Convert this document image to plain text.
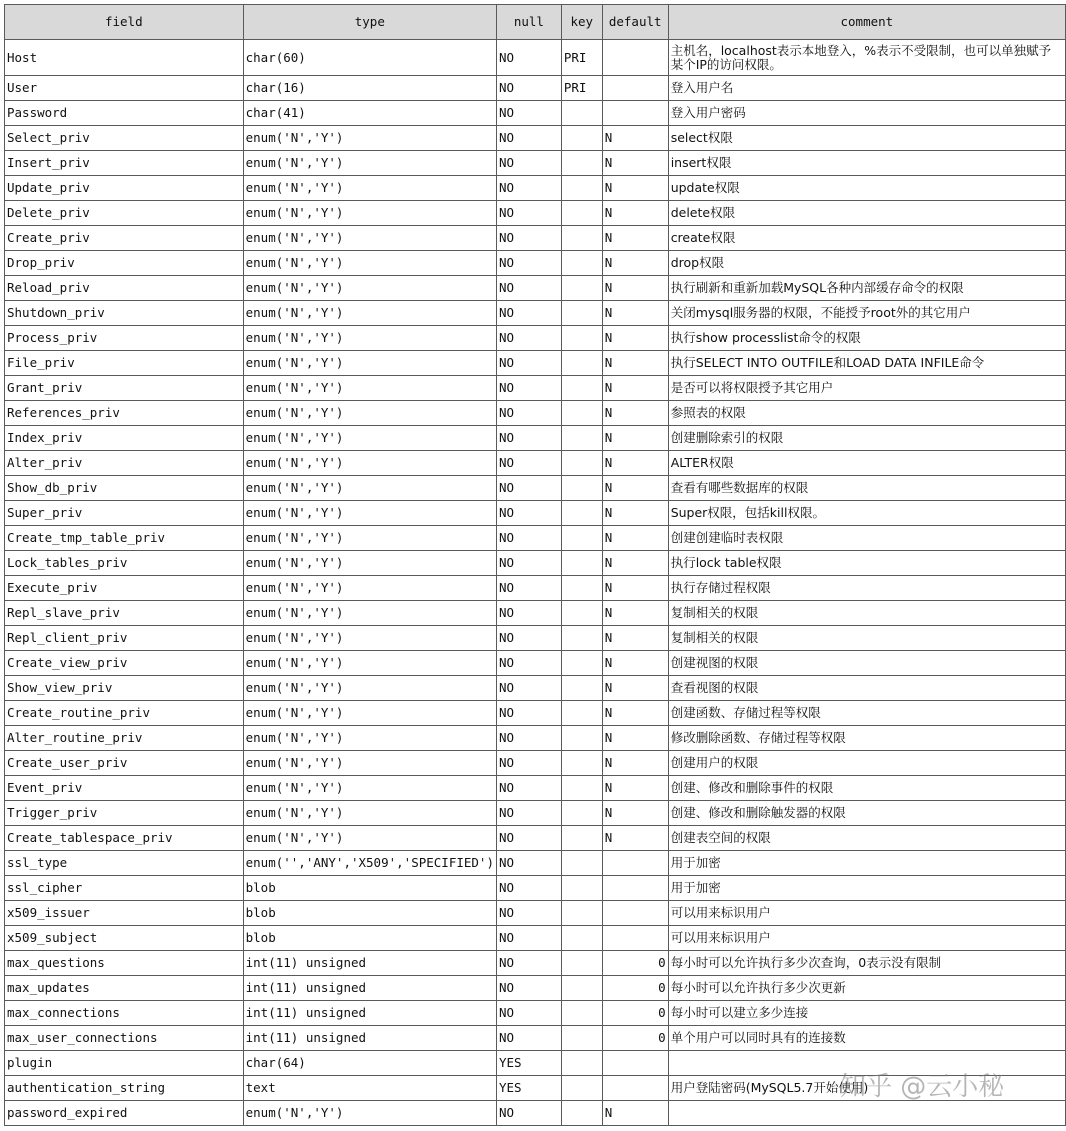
field	type	null	key	default	comment
Host	char(60)	NO	PRI		主机名，localhost表示本地登入，%表示不受限制，也可以单独赋予某个IP的访问权限。
User	char(16)	NO	PRI		登入用户名
Password	char(41)	NO			登入用户密码
Select_priv	enum('N','Y')	NO		N	select权限
Insert_priv	enum('N','Y')	NO		N	insert权限
Update_priv	enum('N','Y')	NO		N	update权限
Delete_priv	enum('N','Y')	NO		N	delete权限
Create_priv	enum('N','Y')	NO		N	create权限
Drop_priv	enum('N','Y')	NO		N	drop权限
Reload_priv	enum('N','Y')	NO		N	执行刷新和重新加载MySQL各种内部缓存命令的权限
Shutdown_priv	enum('N','Y')	NO		N	关闭mysql服务器的权限，不能授予root外的其它用户
Process_priv	enum('N','Y')	NO		N	执行show processlist命令的权限
File_priv	enum('N','Y')	NO		N	执行SELECT INTO OUTFILE和LOAD DATA INFILE命令
Grant_priv	enum('N','Y')	NO		N	是否可以将权限授予其它用户
References_priv	enum('N','Y')	NO		N	参照表的权限
Index_priv	enum('N','Y')	NO		N	创建删除索引的权限
Alter_priv	enum('N','Y')	NO		N	ALTER权限
Show_db_priv	enum('N','Y')	NO		N	查看有哪些数据库的权限
Super_priv	enum('N','Y')	NO		N	Super权限，包括kill权限。
Create_tmp_table_priv	enum('N','Y')	NO		N	创建创建临时表权限
Lock_tables_priv	enum('N','Y')	NO		N	执行lock table权限
Execute_priv	enum('N','Y')	NO		N	执行存储过程权限
Repl_slave_priv	enum('N','Y')	NO		N	复制相关的权限
Repl_client_priv	enum('N','Y')	NO		N	复制相关的权限
Create_view_priv	enum('N','Y')	NO		N	创建视图的权限
Show_view_priv	enum('N','Y')	NO		N	查看视图的权限
Create_routine_priv	enum('N','Y')	NO		N	创建函数、存储过程等权限
Alter_routine_priv	enum('N','Y')	NO		N	修改删除函数、存储过程等权限
Create_user_priv	enum('N','Y')	NO		N	创建用户的权限
Event_priv	enum('N','Y')	NO		N	创建、修改和删除事件的权限
Trigger_priv	enum('N','Y')	NO		N	创建、修改和删除触发器的权限
Create_tablespace_priv	enum('N','Y')	NO		N	创建表空间的权限
ssl_type	enum('','ANY','X509','SPECIFIED')	NO			用于加密
ssl_cipher	blob	NO			用于加密
x509_issuer	blob	NO			可以用来标识用户
x509_subject	blob	NO			可以用来标识用户
max_questions	int(11) unsigned	NO		0	每小时可以允许执行多少次查询，0表示没有限制
max_updates	int(11) unsigned	NO		0	每小时可以允许执行多少次更新
max_connections	int(11) unsigned	NO		0	每小时可以建立多少连接
max_user_connections	int(11) unsigned	NO		0	单个用户可以同时具有的连接数
plugin	char(64)	YES			
authentication_string	text	YES			用户登陆密码(MySQL5.7开始使用)
password_expired	enum('N','Y')	NO		N	
知乎 @云小秘
